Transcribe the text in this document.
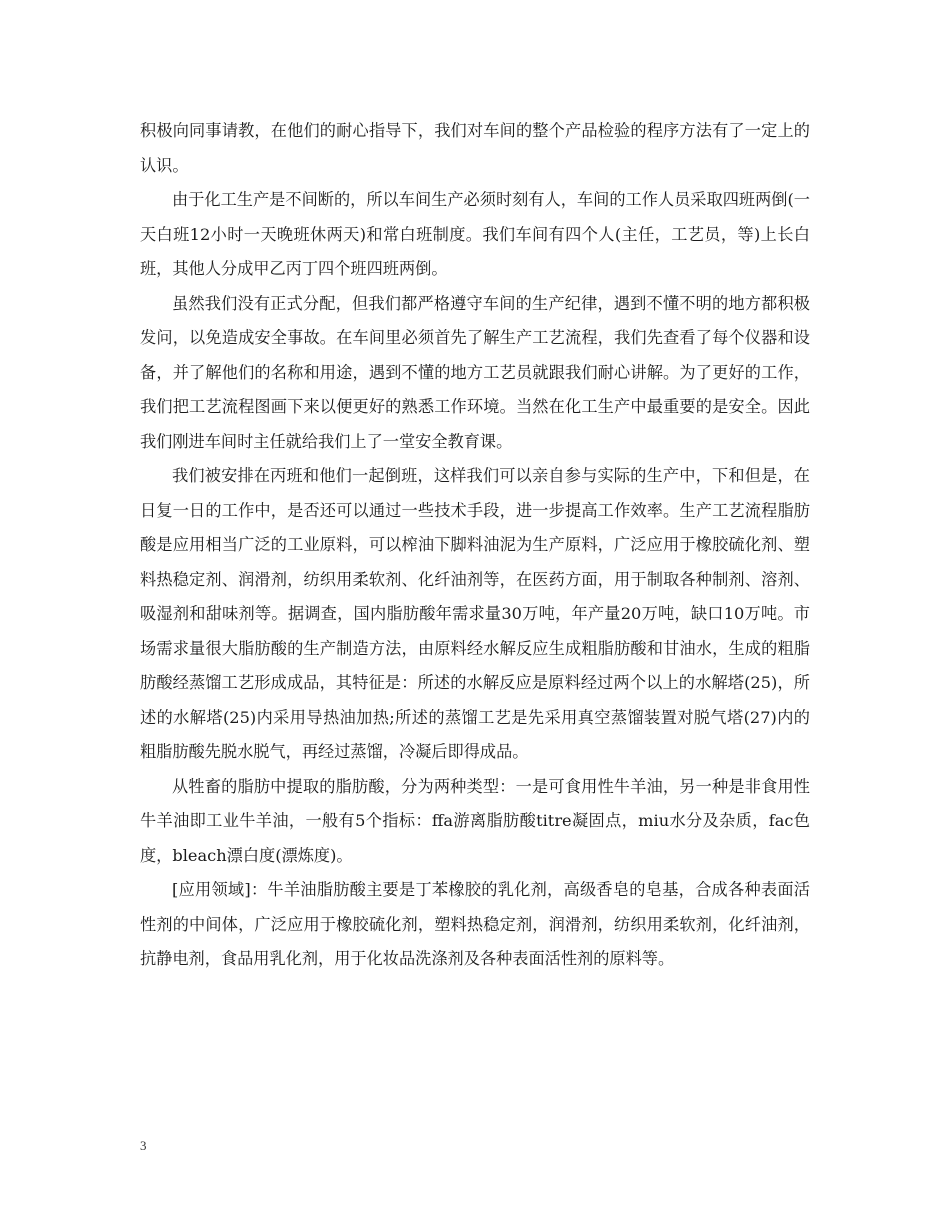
积极向同事请教，在他们的耐心指导下，我们对车间的整个产品检验的程序方法有了一定上的认识。

由于化工生产是不间断的，所以车间生产必须时刻有人，车间的工作人员采取四班两倒(一天白班12小时一天晚班休两天)和常白班制度。我们车间有四个人(主任，工艺员，等)上长白班，其他人分成甲乙丙丁四个班四班两倒。

虽然我们没有正式分配，但我们都严格遵守车间的生产纪律，遇到不懂不明的地方都积极发问，以免造成安全事故。在车间里必须首先了解生产工艺流程，我们先查看了每个仪器和设备，并了解他们的名称和用途，遇到不懂的地方工艺员就跟我们耐心讲解。为了更好的工作，我们把工艺流程图画下来以便更好的熟悉工作环境。当然在化工生产中最重要的是安全。因此我们刚进车间时主任就给我们上了一堂安全教育课。

我们被安排在丙班和他们一起倒班，这样我们可以亲自参与实际的生产中，下和但是，在日复一日的工作中，是否还可以通过一些技术手段，进一步提高工作效率。生产工艺流程脂肪酸是应用相当广泛的工业原料，可以榨油下脚料油泥为生产原料，广泛应用于橡胶硫化剂、塑料热稳定剂、润滑剂，纺织用柔软剂、化纤油剂等，在医药方面，用于制取各种制剂、溶剂、吸湿剂和甜味剂等。据调查，国内脂肪酸年需求量30万吨，年产量20万吨，缺口10万吨。市场需求量很大脂肪酸的生产制造方法，由原料经水解反应生成粗脂肪酸和甘油水，生成的粗脂肪酸经蒸馏工艺形成成品，其特征是：所述的水解反应是原料经过两个以上的水解塔(25)，所述的水解塔(25)内采用导热油加热;所述的蒸馏工艺是先采用真空蒸馏装置对脱气塔(27)内的粗脂肪酸先脱水脱气，再经过蒸馏，冷凝后即得成品。

从牲畜的脂肪中提取的脂肪酸，分为两种类型：一是可食用性牛羊油，另一种是非食用性牛羊油即工业牛羊油，一般有5个指标：ffa游离脂肪酸titre凝固点，miu水分及杂质，fac色度，bleach漂白度(漂炼度)。

[应用领域]：牛羊油脂肪酸主要是丁苯橡胶的乳化剂，高级香皂的皂基，合成各种表面活性剂的中间体，广泛应用于橡胶硫化剂，塑料热稳定剂，润滑剂，纺织用柔软剂，化纤油剂，抗静电剂，食品用乳化剂，用于化妆品洗涤剂及各种表面活性剂的原料等。

3
